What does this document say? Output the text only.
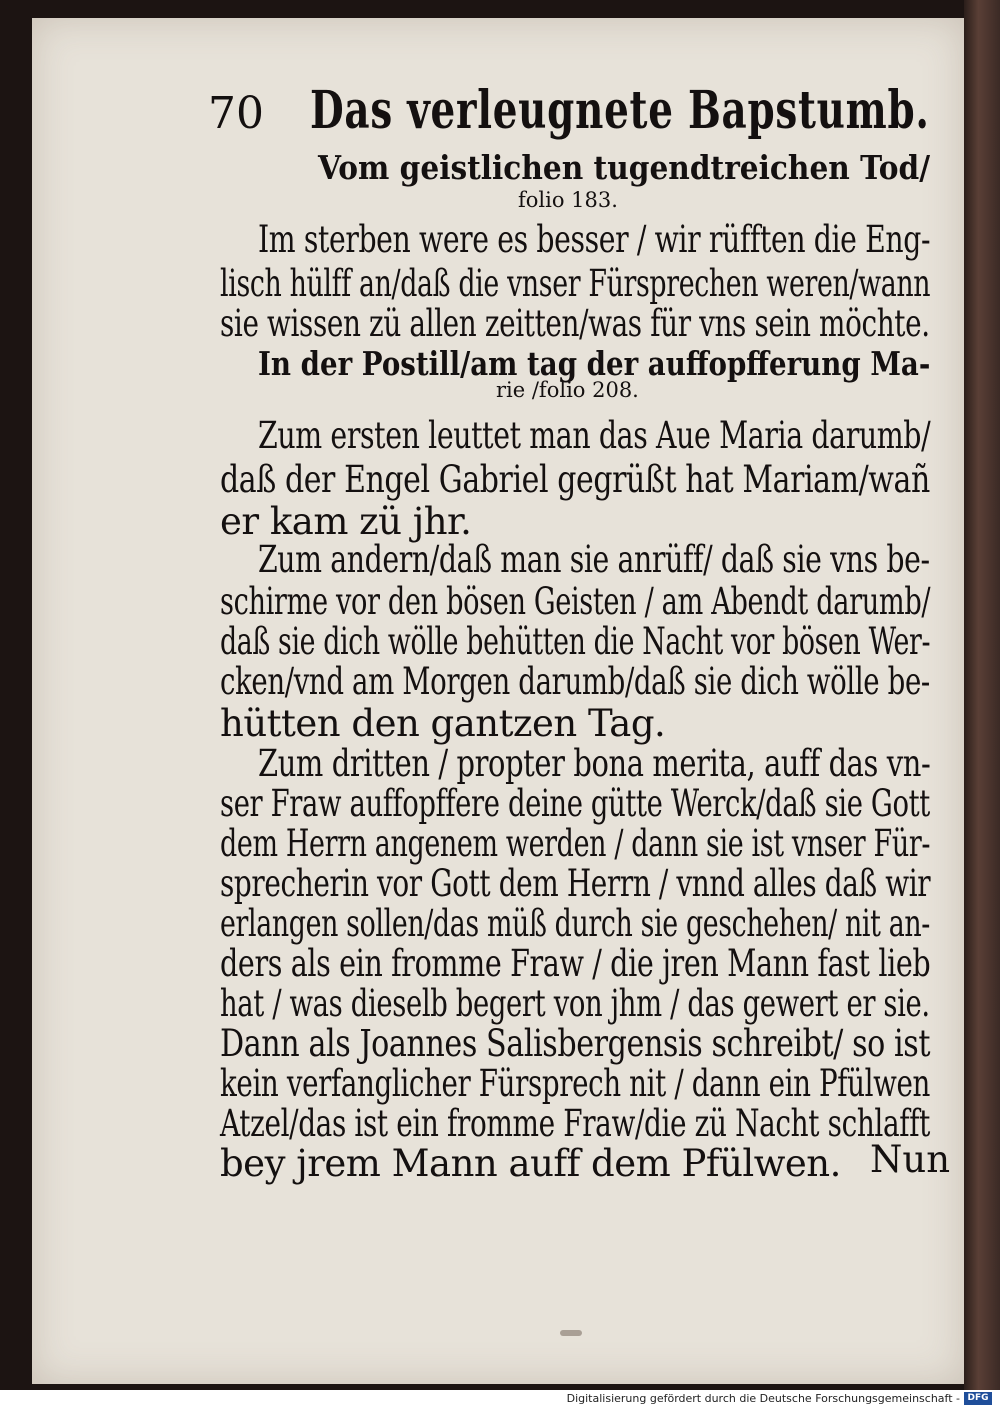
70 Das verleugnete Bapstumb.
Vom geistlichen tugendtreichen Tod/
folio 183.
Im sterben were es besser / wir rüfften die Eng-
lisch hülff an/daß die vnser Fürsprechen weren/wann
sie wissen zü allen zeitten/was für vns sein möchte.
In der Postill/am tag der auffopfferung Ma-
rie /folio 208.
Zum ersten leuttet man das Aue Maria darumb/
daß der Engel Gabriel gegrüßt hat Mariam/wañ
er kam zü jhr.
Zum andern/daß man sie anrüff/ daß sie vns be-
schirme vor den bösen Geisten / am Abendt darumb/
daß sie dich wölle behütten die Nacht vor bösen Wer-
cken/vnd am Morgen darumb/daß sie dich wölle be-
hütten den gantzen Tag.
Zum dritten / propter bona merita, auff das vn-
ser Fraw auffopffere deine gütte Werck/daß sie Gott
dem Herrn angenem werden / dann sie ist vnser Für-
sprecherin vor Gott dem Herrn / vnnd alles daß wir
erlangen sollen/das müß durch sie geschehen/ nit an-
ders als ein fromme Fraw / die jren Mann fast lieb
hat / was dieselb begert von jhm / das gewert er sie.
Dann als Joannes Salisbergensis schreibt/ so ist
kein verfanglicher Fürsprech nit / dann ein Pfülwen
Atzel/das ist ein fromme Fraw/die zü Nacht schlafft
bey jrem Mann auff dem Pfülwen. Nun
Digitalisierung gefördert durch die Deutsche Forschungsgemeinschaft - DFG
